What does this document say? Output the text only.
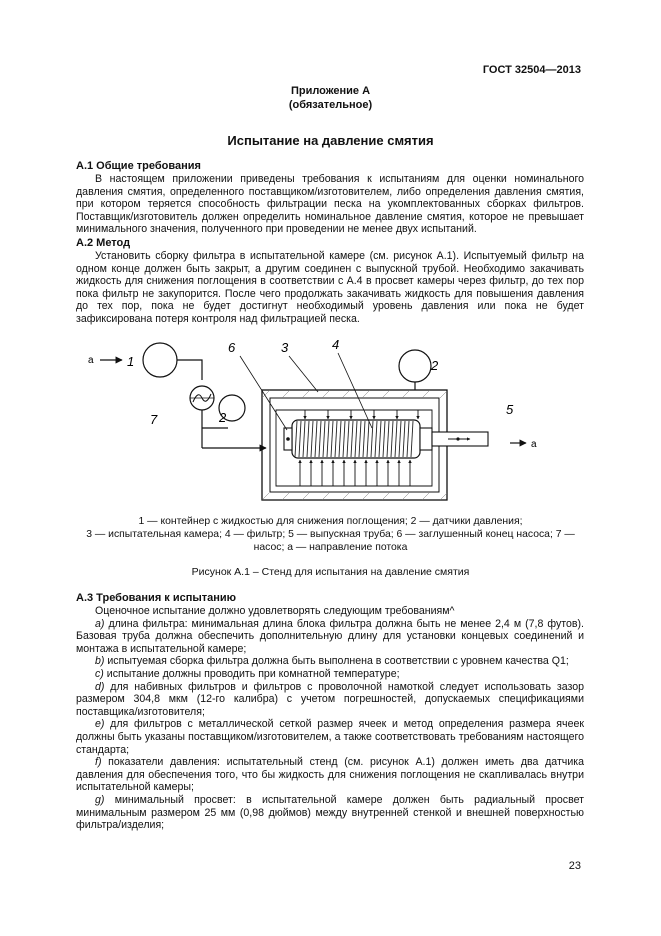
ГОСТ 32504—2013
Приложение А
(обязательное)
Испытание на давление смятия
А.1 Общие требования

В настоящем приложении приведены требования к испытаниям для оценки номинального давления смятия, определенного поставщиком/изготовителем, либо определения давления смятия, при котором теряется способность фильтрации песка на укомплектованных сборках фильтров. Поставщик/изготовитель должен определить номинальное давление смятия, которое не превышает минимального значения, полученного при проведении не менее двух испытаний.

А.2 Метод

Установить сборку фильтра в испытательной камере (см. рисунок А.1). Испытуемый фильтр на одном конце должен быть закрыт, а другим соединен с выпускной трубой. Необходимо закачивать жидкость для снижения поглощения в соответствии с А.4 в просвет камеры через фильтр, до тех пор пока фильтр не закупорится. После чего продолжать закачивать жидкость для повышения давления до тех пор, пока не будет достигнут необходимый уровень давления или пока не будет зафиксирована потеря контроля над фильтрацией песка.

а	1
7	2
а
5
2
6	3	4
1 — контейнер с жидкостью для снижения поглощения; 2 — датчики давления;
3 — испытательная камера; 4 — фильтр; 5 — выпускная труба; 6 — заглушенный конец насоса; 7 —
насос; а — направление потока
Рисунок А.1 – Стенд для испытания на давление смятия
А.3 Требования к испытанию

Оценочное испытание должно удовлетворять следующим требованиям^

a) длина фильтра: минимальная длина блока фильтра должна быть не менее 2,4 м (7,8 футов). Базовая труба должна обеспечить дополнительную длину для установки концевых соединений и монтажа в испытательной камере;

b) испытуемая сборка фильтра должна быть выполнена в соответствии с уровнем качества Q1;

c) испытание должны проводить при комнатной температуре;

d) для набивных фильтров и фильтров с проволочной намоткой следует использовать зазор размером 304,8 мкм (12-го калибра) с учетом погрешностей, допускаемых спецификациями поставщика/изготовителя;

e) для фильтров с металлической сеткой размер ячеек и метод определения размера ячеек должны быть указаны поставщиком/изготовителем, а также соответствовать требованиям настоящего стандарта;

f) показатели давления: испытательный стенд (см. рисунок А.1) должен иметь два датчика давления для обеспечения того, что бы жидкость для снижения поглощения не скапливалась внутри испытательной камеры;

g) минимальный просвет: в испытательной камере должен быть радиальный просвет минимальным размером 25 мм (0,98 дюймов) между внутренней стенкой и внешней поверхностью фильтра/изделия;

23
